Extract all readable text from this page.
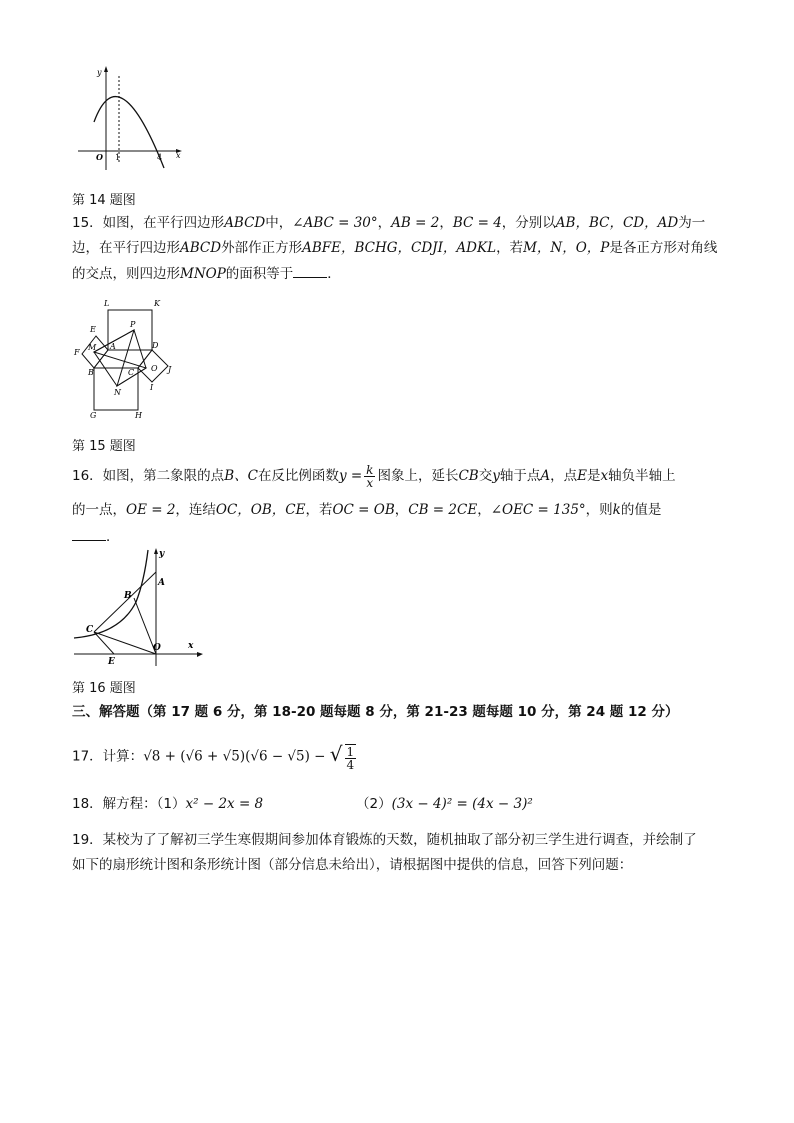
y
x
O 1	4
第 14 题图
15．如图，在平行四边形ABCD中，∠ABC = 30°，AB = 2，BC = 4，分别以AB，BC，CD，AD为一
边，在平行四边形ABCD外部作正方形ABFE，BCHG，CDJI，ADKL，若M，N，O，P是各正方形对角线
的交点，则四边形MNOP的面积等于	．
L	K
E
P
F
M A	D
J
B	C O
I
N
G	H
第 15 题图
16．如图，第二象限的点B、C在反比例函数$y = \frac{k}{x}$ 图象上，延长CB交y轴于点A，点E是x轴负半轴上
的一点，OE = 2，连结OC，OB，CE，若OC = OB，CB = 2CE，∠OEC = 135°，则k的值是
．
y
x
A
B
C
O
E
第 16 题图
三、解答题（第 17 题 6 分，第 18-20 题每题 8 分，第 21-23 题每题 10 分，第 24 题 12 分）
17．计算：√8 + (√6 + √5)(√6 − √5) − √ $\frac{1}{4}$
18．解方程：（1）x² − 2x = 8	（2）(3x − 4)² = (4x − 3)²
19．某校为了了解初三学生寒假期间参加体育锻炼的天数，随机抽取了部分初三学生进行调查，并绘制了
如下的扇形统计图和条形统计图（部分信息未给出），请根据图中提供的信息，回答下列问题：
